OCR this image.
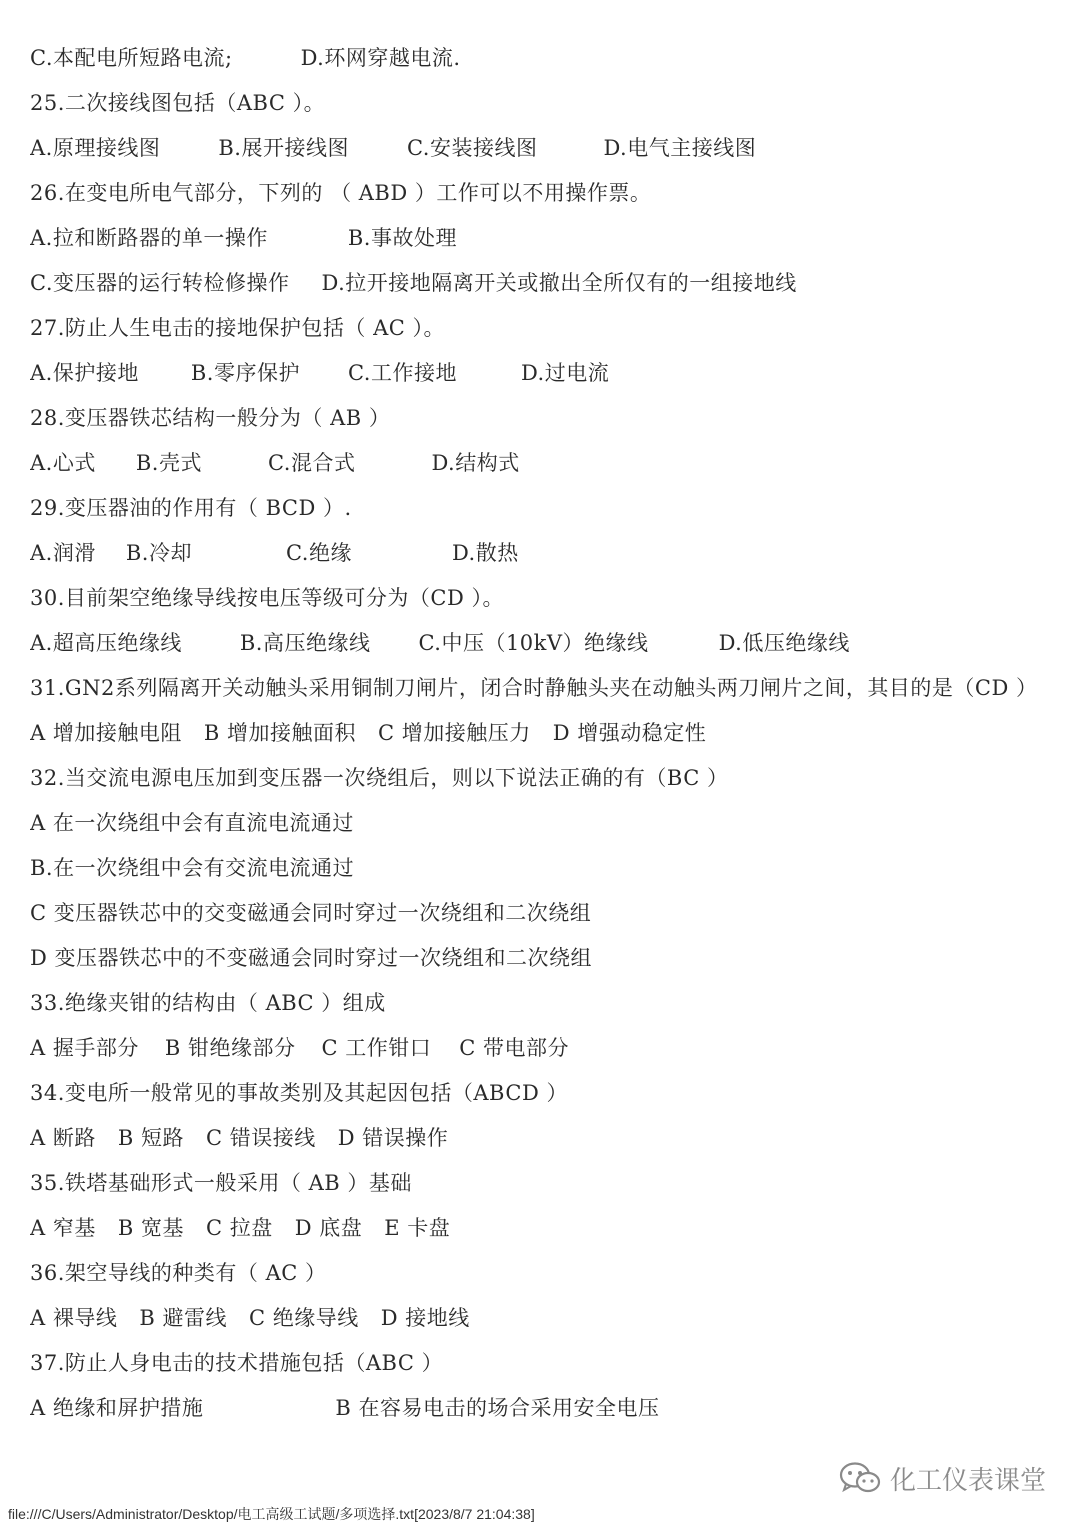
C.本配电所短路电流;	D.环网穿越电流.
25.二次接线图包括（ABC ）。
A.原理接线图	B.展开接线图	C.安装接线图	D.电气主接线图
26.在变电所电气部分，下列的 （ ABD ）工作可以不用操作票。
A.拉和断路器的单一操作	B.事故处理
C.变压器的运行转检修操作 D.拉开接地隔离开关或撤出全所仅有的一组接地线
27.防止人生电击的接地保护包括（ AC ）。
A.保护接地 B.零序保护 C.工作接地	D.过电流
28.变压器铁芯结构一般分为（ AB ）
A.心式 B.壳式	C.混合式	D.结构式
29.变压器油的作用有（ BCD ）.
A.润滑 B.冷却	C.绝缘	D.散热
30.目前架空绝缘导线按电压等级可分为（CD ）。
A.超高压绝缘线	B.高压绝缘线 C.中压（10kV）绝缘线	D.低压绝缘线
31.GN2系列隔离开关动触头采用铜制刀闸片，闭合时静触头夹在动触头两刀闸片之间，其目的是（CD ）
A 增加接触电阻 B 增加接触面积 C 增加接触压力 D 增强动稳定性
32.当交流电源电压加到变压器一次绕组后，则以下说法正确的有（BC ）
A 在一次绕组中会有直流电流通过
B.在一次绕组中会有交流电流通过
C 变压器铁芯中的交变磁通会同时穿过一次绕组和二次绕组
D 变压器铁芯中的不变磁通会同时穿过一次绕组和二次绕组
33.绝缘夹钳的结构由（ ABC ）组成
A 握手部分 B 钳绝缘部分 C 工作钳口 C 带电部分
34.变电所一般常见的事故类别及其起因包括（ABCD ）
A 断路 B 短路 C 错误接线 D 错误操作
35.铁塔基础形式一般采用（ AB ）基础
A 窄基 B 宽基 C 拉盘 D 底盘 E 卡盘
36.架空导线的种类有（ AC ）
A 裸导线 B 避雷线 C 绝缘导线 D 接地线
37.防止人身电击的技术措施包括（ABC ）
A 绝缘和屏护措施	B 在容易电击的场合采用安全电压
化工仪表课堂
file:///C/Users/Administrator/Desktop/电工高级工试题/多项选择.txt[2023/8/7 21:04:38]
